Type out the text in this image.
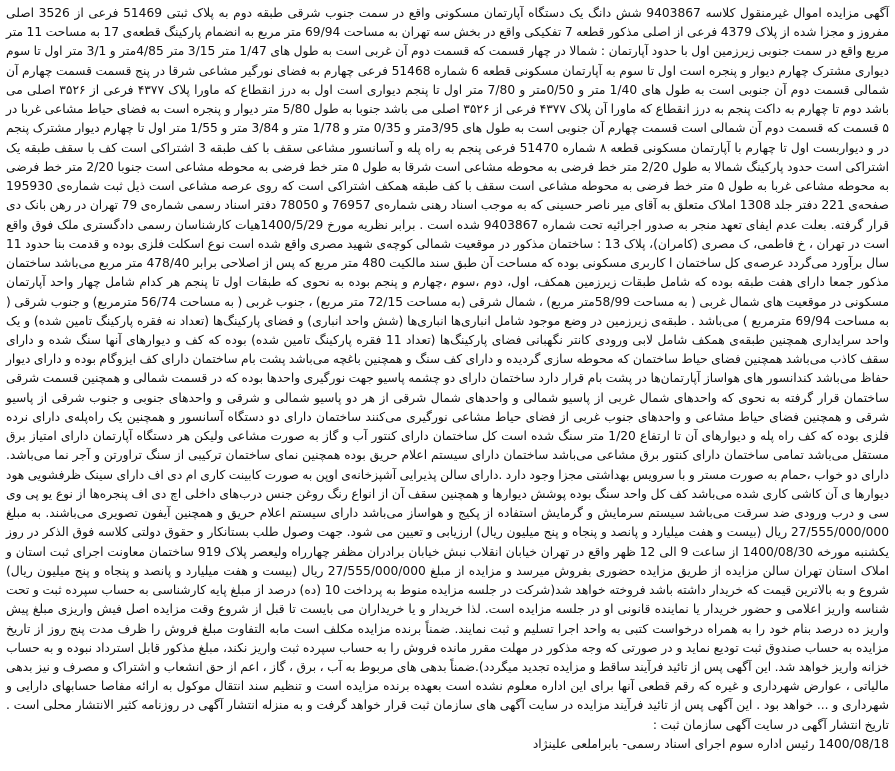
آگهی مزایده اموال غیرمنقول کلاسه 9403867 شش دانگ یک دستگاه آپارتمان مسکونی واقع در سمت جنوب شرقی طبقه دوم به پلاک ثبتی 51469 فرعی از 3526 اصلی مفروز و مجزا شده از پلاک 4379 فرعی از اصلی مذکور قطعه 7 تفکیکی واقع در بخش سه تهران به مساحت 69/94 متر مربع به انضمام پارکینگ قطعه‌ی 17 به مساحت 11 متر مربع واقع در سمت جنوبی زیرزمین اول با حدود آپارتمان : شمالا در چهار قسمت که قسمت دوم آن غربی است به طول های 1/47 متر 3/15 متر 4/85متر و 3/1 متر اول تا سوم دیواری مشترک چهارم دیوار و پنجره است اول تا سوم به آپارتمان مسکونی قطعه 6 شماره 51468 فرعی چهارم به فضای نورگیر مشاعی شرقا در پنج قسمت قسمت چهارم آن شمالی قسمت دوم آن جنوبی است به طول های 1/40 متر و 0/50متر و 7/80 متر اول تا پنجم دیواری است اول به درز انقطاع که ماورا پلاک ۴۳۷۷ فرعی از ۳۵۲۶ اصلی می باشد دوم تا چهارم به داکت پنجم به درز انقطاع که ماورا آن پلاک ۴۳۷۷ فرعی از ۳۵۲۶ اصلی می باشد جنوبا به طول 5/80 متر دیوار و پنجره است به فضای حیاط مشاعی غربا در ۵ قسمت که قسمت دوم آن شمالی است قسمت چهارم آن جنوبی است به طول های 3/95متر و 0/35 متر و 1/78 متر و 3/84 متر و 1/55 متر اول تا چهارم دیوار مشترک پنجم در و دیواربست اول تا چهارم با آپارتمان مسکونی قطعه ۸ شماره 51470 فرعی پنجم به راه پله و آسانسور مشاعی سقف با کف طبقه 3 اشتراکی است کف با سقف طبقه یک اشتراکی است حدود پارکینگ شمالا به طول 2/20 متر خط فرضی به محوطه مشاعی است شرقا به طول ۵ متر خط فرضی به محوطه مشاعی است جنوبا 2/20 متر خط فرضی به محوطه مشاعی غربا به طول ۵ متر خط فرضی به محوطه مشاعی است سقف با کف طبقه همکف اشتراکی است که روی عرصه مشاعی است ذیل ثبت شماره‌ی 195930 صفحه‌ی 221 دفتر جلد 1308 املاک متعلق به آقای میر ناصر حسینی که به موجب اسناد رهنی شماره‌ی 76957 و 78050 دفتر اسناد رسمی شماره‌ی 79 تهران در رهن بانک دی قرار گرفته. بعلت عدم ایفای تعهد منجر به صدور اجرائیه تحت شماره 9403867 شده است . برابر نظریه مورخ 1400/5/29هیات کارشناسان رسمی دادگستری ملک فوق واقع است در تهران ، خ فاطمی، ک مصری (کامران)، پلاک 13 : ساختمان مذکور در موقعیت شمالی کوچه‌ی شهید مصری واقع شده است نوع اسکلت فلزی بوده و قدمت بنا حدود 11 سال برآورد می‌گردد عرصه‌ی کل ساختمان ا کاربری مسکونی بوده که مساحت آن طبق سند مالکیت 480 متر مربع که پس از اصلاحی برابر 478/40 متر مربع می‌باشد ساختمان مذکور جمعا دارای هفت طبقه بوده که شامل طبقات زیرزمین همکف، اول، دوم ،سوم ،چهارم و پنجم بوده به نحوی که طبقات اول تا پنجم هر کدام شامل چهار واحد آپارتمان مسکونی در موقعیت های شمال غربی ( به مساحت 58/99متر مربع) ، شمال شرقی (به مساحت 72/15 متر مربع) ، جنوب غربی ( به مساحت 56/74 مترمربع) و جنوب شرقی ( به مساحت 69/94 مترمربع ) می‌باشد . طبقه‌ی زیرزمین در وضع موجود شامل انباری‌ها انباری‌ها (شش واحد انباری) و فضای پارکینگ‌ها (تعداد نه فقره پارکینگ تامین شده) و یک واحد سرایداری همچنین طبقه‌ی همکف شامل لابی ورودی کانتر نگهبانی فضای پارکینگ‌ها (تعداد 11 فقره پارکینگ تامین شده) بوده که کف و دیوارهای آنها سنگ شده و دارای سقف کاذب می‌باشد همچنین فضای حیاط ساختمان که محوطه سازی گردیده و دارای کف سنگ و همچنین باغچه می‌باشد پشت بام ساختمان دارای کف ایزوگام بوده و دارای دیوار حفاظ می‌باشد کندانسور های هواساز آپارتمان‌ها در پشت بام قرار دارد ساختمان دارای دو چشمه پاسیو جهت نورگیری واحدها بوده که در قسمت شمالی و همچنین قسمت شرقی ساختمان قرار گرفته به نحوی که واحدهای شمال غربی از پاسیو شمالی و واحدهای شمال شرقی از هر دو پاسیو شمالی و شرقی و واحدهای جنوبی و جنوب شرقی از پاسیو شرقی و همچنین فضای حیاط مشاعی و واحدهای جنوب غربی از فضای حیاط مشاعی نورگیری می‌کنند ساختمان دارای دو دستگاه آسانسور و همچنین یک راه‌پله‌ی دارای نرده فلزی بوده که کف راه پله و دیوارهای آن تا ارتفاع 1/20 متر سنگ شده است کل ساختمان دارای کنتور آب و گاز به صورت مشاعی ولیکن هر دستگاه آپارتمان دارای امتیاز برق مستقل می‌باشد تمامی ساختمان دارای کنتور برق مشاعی می‌باشد ساختمان دارای سیستم اعلام حریق بوده همچنین نمای ساختمان ترکیبی از سنگ تراورتن و آجر نما می‌باشد. دارای دو خواب ،حمام به صورت مستر و با سرویس بهداشتی مجزا وجود دارد .دارای سالن پذیرایی آشپزخانه‌ی اوپن به صورت کابینت کاری ام دی اف دارای سینک ظرفشویی هود دیوارها ی آن کاشی کاری شده می‌باشد کف کل واحد سنگ بوده پوشش دیوارها و همچنین سقف آن از انواع رنگ روغن جنس درب‌های داخلی اچ دی اف پنجره‌ها از نوع یو پی وی سی و درب ورودی ضد سرقت می‌باشد سیستم سرمایش و گرمایش استفاده از پکیج و هواساز می‌باشد دارای سیستم اعلام حریق و همچنین آیفون تصویری می‌باشند. به مبلغ 27/555/000/000 ریال (بیست و هفت میلیارد و پانصد و پنجاه و پنج میلیون ریال) ارزیابی و تعیین می شود. جهت وصول طلب بستانکار و حقوق دولتی کلاسه فوق الذکر در روز یکشنبه مورخه 1400/08/30 از ساعت 9 الی 12 ظهر واقع در تهران خیابان انقلاب نبش خیابان برادران مظفر چهارراه ولیعصر پلاک 919 ساختمان معاونت اجرای ثبت استان و املاک استان تهران سالن مزایده از طریق مزایده حضوری بفروش میرسد و مزایده از مبلغ 27/555/000/000 ریال (بیست و هفت میلیارد و پانصد و پنجاه و پنج میلیون ریال) شروع و به بالاترین قیمت که خریدار داشته باشد فروخته خواهد شد(شرکت در جلسه مزایده منوط به پرداخت 10 (ده) درصد از مبلغ پایه کارشناسی به حساب سپرده ثبت و تحت شناسه واریز اعلامی و حضور خریدار یا نماینده قانونی او در جلسه مزایده است. لذا خریدار و یا خریداران می بایست تا قبل از شروع وقت مزایده اصل فیش واریزی مبلغ پیش واریز ده درصد بنام خود را به همراه درخواست کتبی به واحد اجرا تسلیم و ثبت نمایند. ضمناً برنده مزایده مکلف است مابه التفاوت مبلغ فروش را ظرف مدت پنج روز از تاریخ مزایده به حساب صندوق ثبت تودیع نماید و در صورتی که وجه مذکور در مهلت مقرر مانده فروش را به حساب سپرده ثبت واریز نکند، مبلغ مذکور قابل استرداد نبوده و به حساب خزانه واریز خواهد شد. این آگهی پس از تائید فرآیند ساقط و مزایده تجدید میگردد).ضمناً بدهی های مربوط به آب ، برق ، گاز ، اعم از حق انشعاب و اشتراک و مصرف و نیز بدهی مالیاتی ، عوارض شهرداری و غیره که رقم قطعی آنها برای این اداره معلوم نشده است بعهده برنده مزایده است و تنظیم سند انتقال موکول به ارائه مفاصا حسابهای دارایی و شهرداری و ... خواهد بود . این آگهی پس از تائید فرآیند مزایده در سایت آگهی های سازمان ثبت قرار خواهد گرفت و به منزله انتشار آگهی در روزنامه کثیر الانتشار محلی است . تاریخ انتشار آگهی در سایت آگهی سازمان ثبت :

1400/08/18 رئیس اداره سوم اجرای اسناد رسمی- بابراملعی علینژاد
